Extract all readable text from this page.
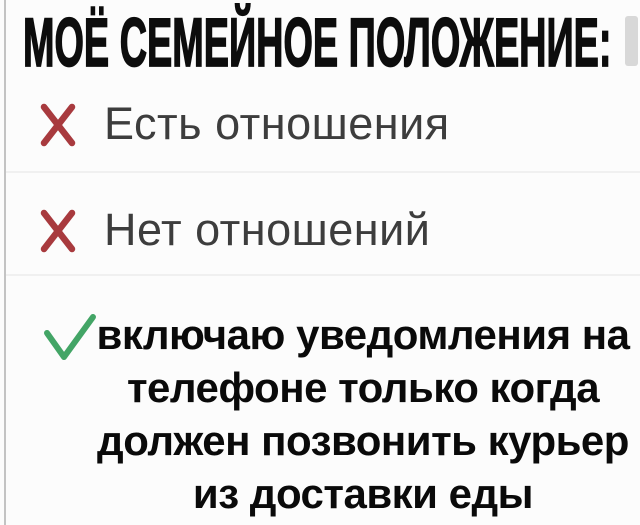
МОЁ СЕМЕЙНОЕ ПОЛОЖЕНИЕ:
Есть отношения
Нет отношений
включаю уведомления на
телефоне только когда
должен позвонить курьер
из доставки еды
